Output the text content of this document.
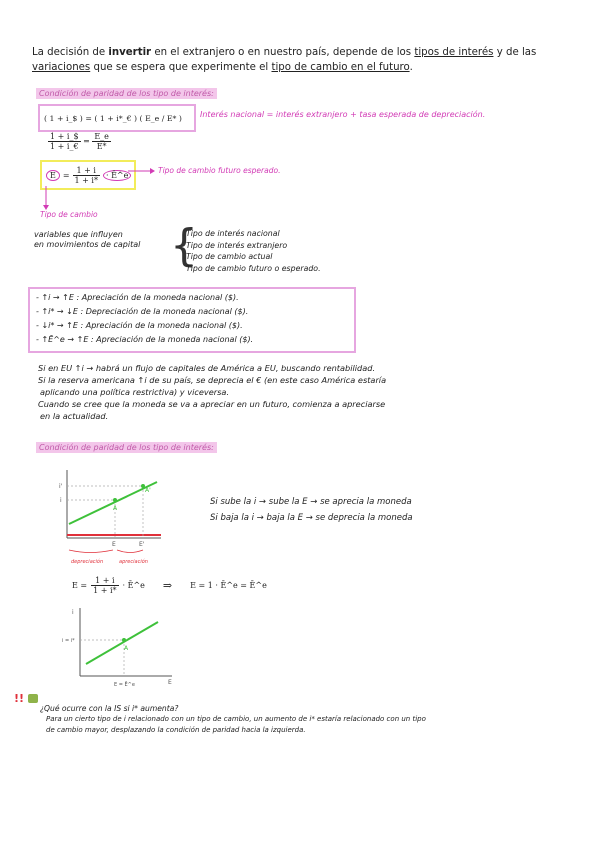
La decisión de invertir en el extranjero o en nuestro país, depende de los tipos de interés y de las variaciones que se espera que experimente el tipo de cambio en el futuro.
Condición de paridad de los tipo de interés:
( 1 + i_$ ) = ( 1 + i*_€ ) ( E_e / E* )	Interés nacional = interés extranjero + tasa esperada de depreciación.
$\frac{1 + i\_\$}{1 + i\_€} = \frac{E\_e}{E*}$
$E = \frac{1 + i}{1 + i*}$ · Ē^e	Tipo de cambio futuro esperado.
Tipo de cambio
variables que influyen
en movimientos de capital {
Tipo de interés nacional
Tipo de interés extranjero
Tipo de cambio actual
Tipo de cambio futuro o esperado.
- ↑i → ↑E : Apreciación de la moneda nacional ($).
- ↑i* → ↓E : Depreciación de la moneda nacional ($).
- ↓i* → ↑E : Apreciación de la moneda nacional ($).
- ↑Ē^e → ↑E : Apreciación de la moneda nacional ($).
Si en EU ↑i → habrá un flujo de capitales de América a EU, buscando rentabilidad.
Si la reserva americana ↑i de su país, se deprecia el € (en este caso América estaría
aplicando una política restrictiva) y viceversa.
Cuando se cree que la moneda se va a apreciar en un futuro, comienza a apreciarse
en la actualidad.
Condición de paridad de los tipo de interés:
i'
i
A
A'
E	E'
depreciación	apreciación
Si sube la i → sube la E → se aprecia la moneda
Si baja la i → baja la E → se deprecia la moneda
$E = \frac{1 + i}{1 + i*}$ · Ē^e ⇒ E = 1 · Ē^e = Ē^e
i
i = i*
A
E = Ē^e	E
!!
¿Qué ocurre con la IS si i* aumenta?
Para un cierto tipo de i relacionado con un tipo de cambio, un aumento de i* estaría relacionado con un tipo
de cambio mayor, desplazando la condición de paridad hacia la izquierda.
